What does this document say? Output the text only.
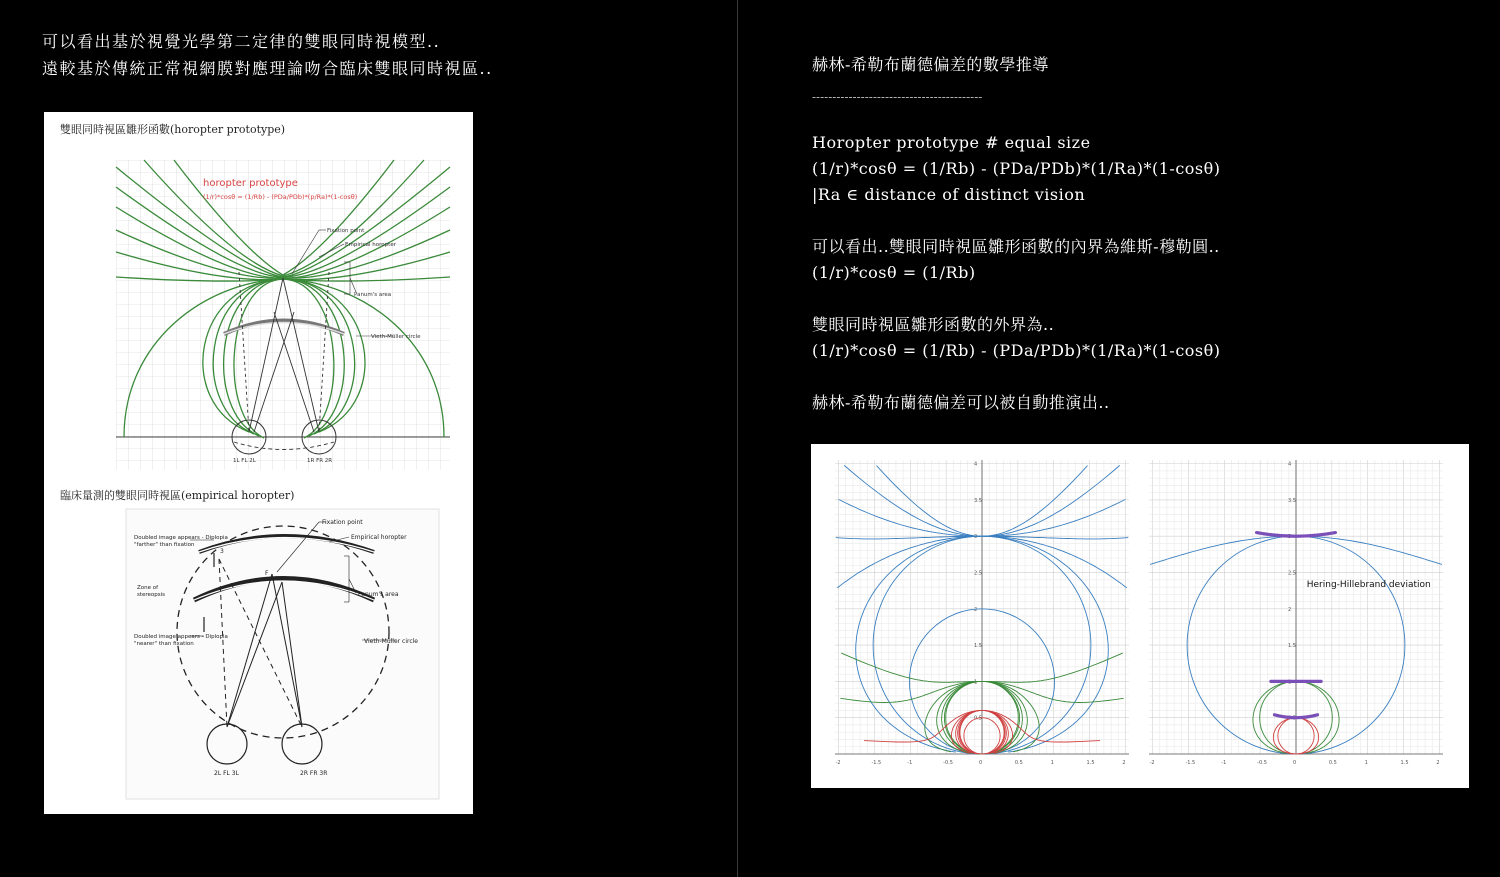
可以看出基於視覺光學第二定律的雙眼同時視模型..
遠較基於傳統正常視網膜對應理論吻合臨床雙眼同時視區..
雙眼同時視區雛形函數(horopter prototype)
horopter prototype
(1/r)*cosθ = (1/Rb) - (PDa/PDb)*(p/Ra)*(1-cosθ)
Fixation point
Empirical horopter
Panum's area
Vieth-Müller circle
1L FL 2L	1R FR 2R
Fixation point
Empirical horopter
Doubled image appears - Diplopia
"farther" than fixation
Zone of
stereopsis	Panum's area
Doubled image appears - Diplopia
"nearer" than fixation	Vieth-Müller circle
F
3
2L FL 3L	2R FR 3R
臨床量測的雙眼同時視區(empirical horopter)
赫林-希勒布蘭德偏差的數學推導
------------------------------------------
Horopter prototype # equal size
(1/r)*cosθ = (1/Rb) - (PDa/PDb)*(1/Ra)*(1-cosθ)
|Ra ∈ distance of distinct vision
可以看出..雙眼同時視區雛形函數的內界為維斯-穆勒圓..
(1/r)*cosθ = (1/Rb)
雙眼同時視區雛形函數的外界為..
(1/r)*cosθ = (1/Rb) - (PDa/PDb)*(1/Ra)*(1-cosθ)
赫林-希勒布蘭德偏差可以被自動推演出..
-2	-1.5	-1	-0.5	0	0.5	1	1.5	2
4
3.5
3
2.5
2
1.5
1
0.5
-2	-1.5	-1	-0.5	0	0.5	1	1.5	2
4
3.5
3
2.5
2
1.5
1
0.5
Hering-Hillebrand deviation
